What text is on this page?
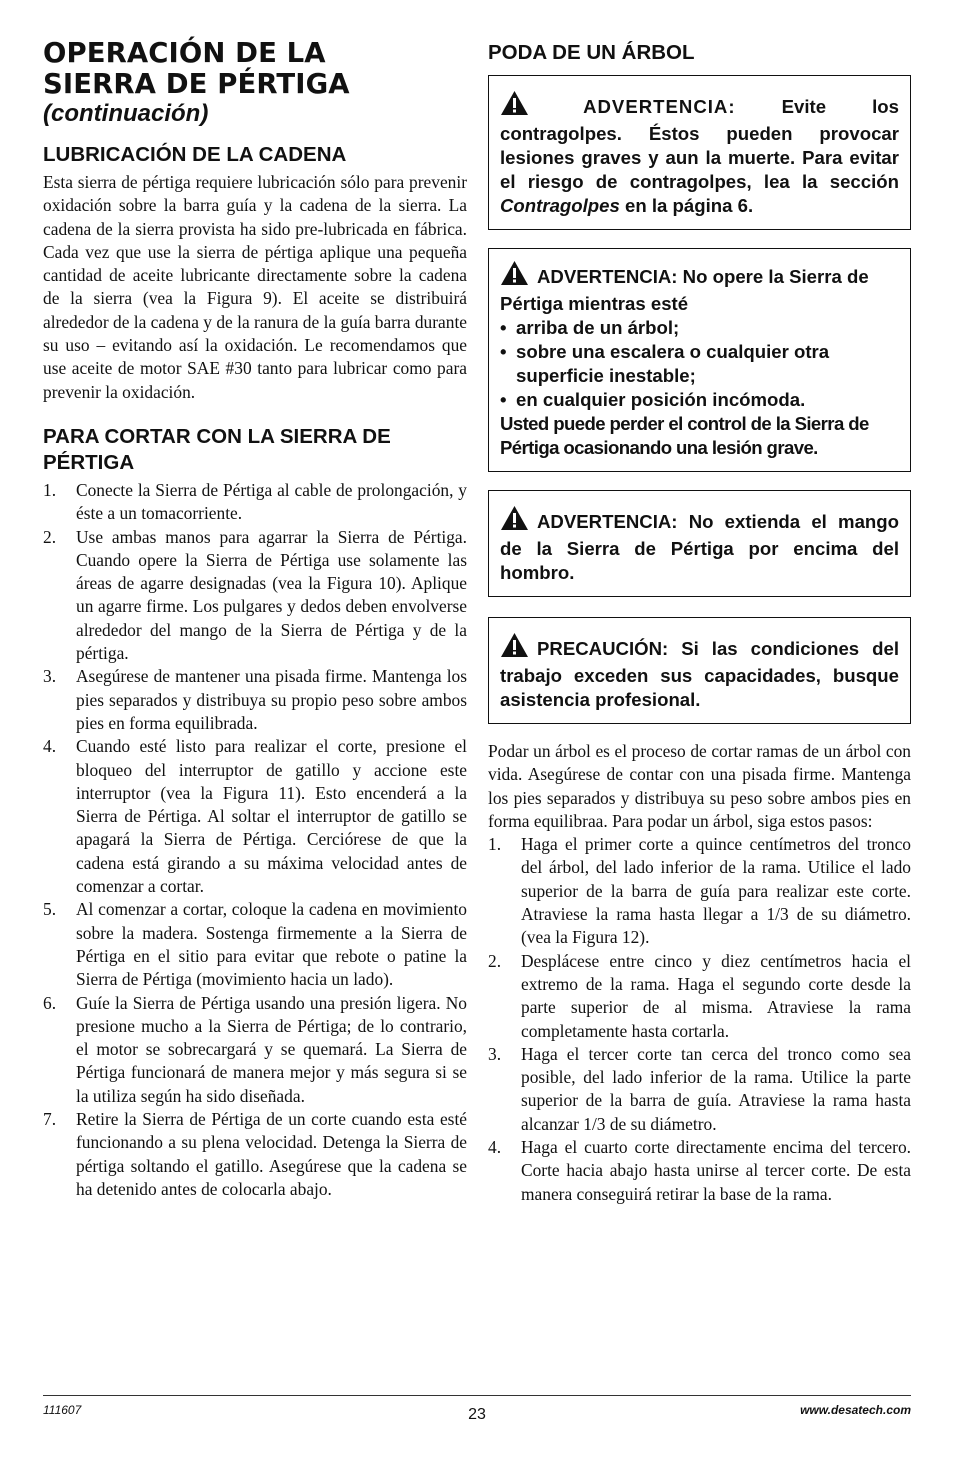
OPERACIÓN DE LA
SIERRA DE PÉRTIGA
(continuación)
LUBRICACIÓN DE LA CADENA

Esta sierra de pértiga requiere lubricación sólo para prevenir oxidación sobre la barra guía y la cadena de la sierra. La cadena de la sierra provista ha sido pre-lubricada en fábrica. Cada vez que use la sierra de pértiga aplique una pequeña cantidad de aceite lubricante directamente sobre la cadena de la sierra (vea la Figura 9). El aceite se distribuirá alrededor de la cadena y de la ranura de la guía barra durante su uso – evitando así la oxidación. Le recomendamos que use aceite de motor SAE #30 tanto para lubricar como para prevenir la oxidación.

PARA CORTAR CON LA SIERRA DE
PÉRTIGA
1. Conecte la Sierra de Pértiga al cable de prolongación, y éste a un tomacorriente.
2. Use ambas manos para agarrar la Sierra de Pértiga. Cuando opere la Sierra de Pértiga use solamente las áreas de agarre designadas (vea la Figura 10). Aplique un agarre firme. Los pulgares y dedos deben envolverse alrededor del mango de la Sierra de Pértiga y de la pértiga.
3. Asegúrese de mantener una pisada firme. Mantenga los pies separados y distribuya su propio peso sobre ambos pies en forma equilibrada.
4. Cuando esté listo para realizar el corte, presione el bloqueo del interruptor de gatillo y accione este interruptor (vea la Figura 11). Esto encenderá a la Sierra de Pértiga. Al soltar el interruptor de gatillo se apagará la Sierra de Pértiga. Cerciórese de que la cadena está girando a su máxima velocidad antes de comenzar a cortar.
5. Al comenzar a cortar, coloque la cadena en movimiento sobre la madera. Sostenga firmemente a la Sierra de Pértiga en el sitio para evitar que rebote o patine la Sierra de Pértiga (movimiento hacia un lado).
6. Guíe la Sierra de Pértiga usando una presión ligera. No presione mucho a la Sierra de Pértiga; de lo contrario, el motor se sobrecargará y se quemará. La Sierra de Pértiga funcionará de manera mejor y más segura si se la utiliza según ha sido diseñada.
7. Retire la Sierra de Pértiga de un corte cuando esta esté funcionando a su plena velocidad. Detenga la Sierra de pértiga soltando el gatillo. Asegúrese que la cadena se ha detenido antes de colocarla abajo.
PODA DE UN ÁRBOL
ADVERTENCIA: Evite los contragolpes. Éstos pueden provocar lesiones graves y aun la muerte. Para evitar el riesgo de contragolpes, lea la sección Contragolpes en la página 6.
ADVERTENCIA: No opere la Sierra de Pértiga mientras esté
• arriba de un árbol;
• sobre una escalera o cualquier otra superficie inestable;
• en cualquier posición incómoda.
Usted puede perder el control de la Sierra de Pértiga ocasionando una lesión grave.
ADVERTENCIA: No extienda el mango de la Sierra de Pértiga por encima del hombro.
PRECAUCIÓN: Si las condiciones del trabajo exceden sus capacidades, busque asistencia profesional.

Podar un árbol es el proceso de cortar ramas de un árbol con vida. Asegúrese de contar con una pisada firme. Mantenga los pies separados y distribuya su peso sobre ambos pies en forma equilibraa. Para podar un árbol, siga estos pasos:

1. Haga el primer corte a quince centímetros del tronco del árbol, del lado inferior de la rama. Utilice el lado superior de la barra de guía para realizar este corte. Atraviese la rama hasta llegar a 1/3 de su diámetro. (vea la Figura 12).
2. Desplácese entre cinco y diez centímetros hacia el extremo de la rama. Haga el segundo corte desde la parte superior de al misma. Atraviese la rama completamente hasta cortarla.
3. Haga el tercer corte tan cerca del tronco como sea posible, del lado inferior de la rama. Utilice la parte superior de la barra de guía. Atraviese la rama hasta alcanzar 1/3 de su diámetro.
4. Haga el cuarto corte directamente encima del tercero. Corte hacia abajo hasta unirse al tercer corte. De esta manera conseguirá retirar la base de la rama.
111607	23	www.desatech.com
